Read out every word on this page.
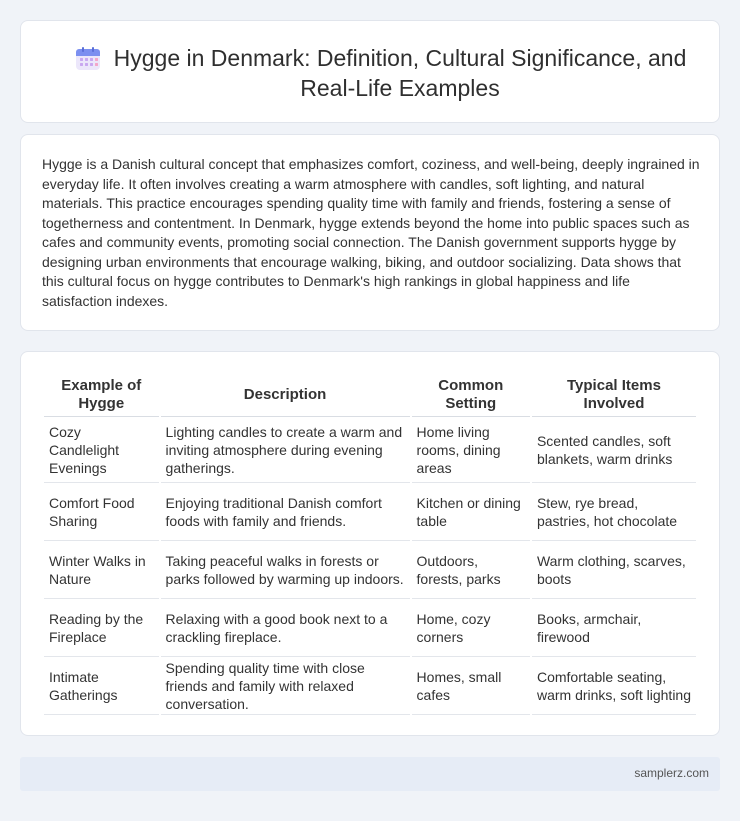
Hygge in Denmark: Definition, Cultural Significance, and Real-Life Examples

Hygge is a Danish cultural concept that emphasizes comfort, coziness, and well-being, deeply ingrained in everyday life. It often involves creating a warm atmosphere with candles, soft lighting, and natural materials. This practice encourages spending quality time with family and friends, fostering a sense of togetherness and contentment. In Denmark, hygge extends beyond the home into public spaces such as cafes and community events, promoting social connection. The Danish government supports hygge by designing urban environments that encourage walking, biking, and outdoor socializing. Data shows that this cultural focus on hygge contributes to Denmark's high rankings in global happiness and life satisfaction indexes.

Example of Hygge	Description	Common Setting	Typical Items Involved
Cozy Candlelight Evenings	Lighting candles to create a warm and inviting atmosphere during evening gatherings.	Home living rooms, dining areas	Scented candles, soft blankets, warm drinks
Comfort Food Sharing	Enjoying traditional Danish comfort foods with family and friends.	Kitchen or dining table	Stew, rye bread, pastries, hot chocolate
Winter Walks in Nature	Taking peaceful walks in forests or parks followed by warming up indoors.	Outdoors, forests, parks	Warm clothing, scarves, boots
Reading by the Fireplace	Relaxing with a good book next to a crackling fireplace.	Home, cozy corners	Books, armchair, firewood
Intimate Gatherings	Spending quality time with close friends and family with relaxed conversation.	Homes, small cafes	Comfortable seating, warm drinks, soft lighting
samplerz.com
